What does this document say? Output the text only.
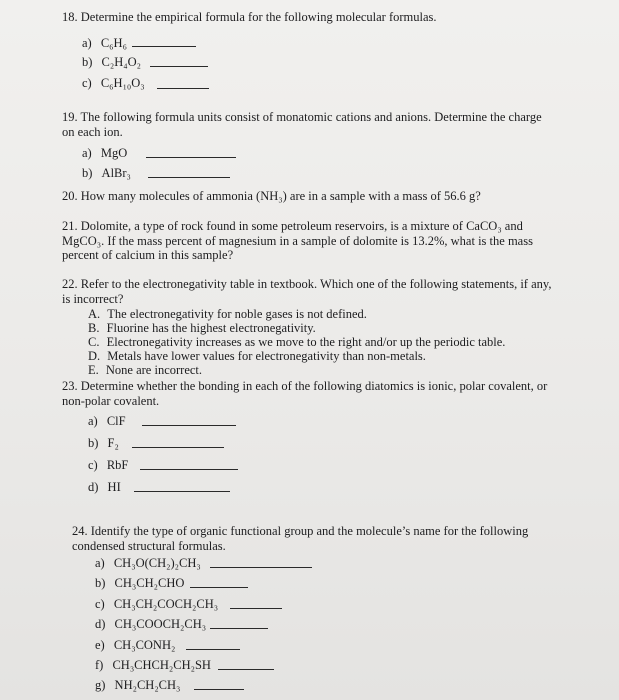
18. Determine the empirical formula for the following molecular formulas.
a) C₆H₆
b) C₂H₄O₂
c) C₆H₁₀O₃
19. The following formula units consist of monatomic cations and anions. Determine the charge
on each ion.
a) MgO
b) AlBr₃
20. How many molecules of ammonia (NH₃) are in a sample with a mass of 56.6 g?
21. Dolomite, a type of rock found in some petroleum reservoirs, is a mixture of CaCO₃ and
MgCO₃. If the mass percent of magnesium in a sample of dolomite is 13.2%, what is the mass
percent of calcium in this sample?
22. Refer to the electronegativity table in textbook. Which one of the following statements, if any,
is incorrect?
A. The electronegativity for noble gases is not defined.
B. Fluorine has the highest electronegativity.
C. Electronegativity increases as we move to the right and/or up the periodic table.
D. Metals have lower values for electronegativity than non-metals.
E. None are incorrect.
23. Determine whether the bonding in each of the following diatomics is ionic, polar covalent, or
non-polar covalent.
a) ClF
b) F₂
c) RbF
d) HI
24. Identify the type of organic functional group and the molecule’s name for the following
condensed structural formulas.
a) CH₃O(CH₂)₂CH₃
b) CH₃CH₂CHO
c) CH₃CH₂COCH₂CH₃
d) CH₃COOCH₂CH₃
e) CH₃CONH₂
f) CH₃CHCH₂CH₂SH
g) NH₂CH₂CH₃
